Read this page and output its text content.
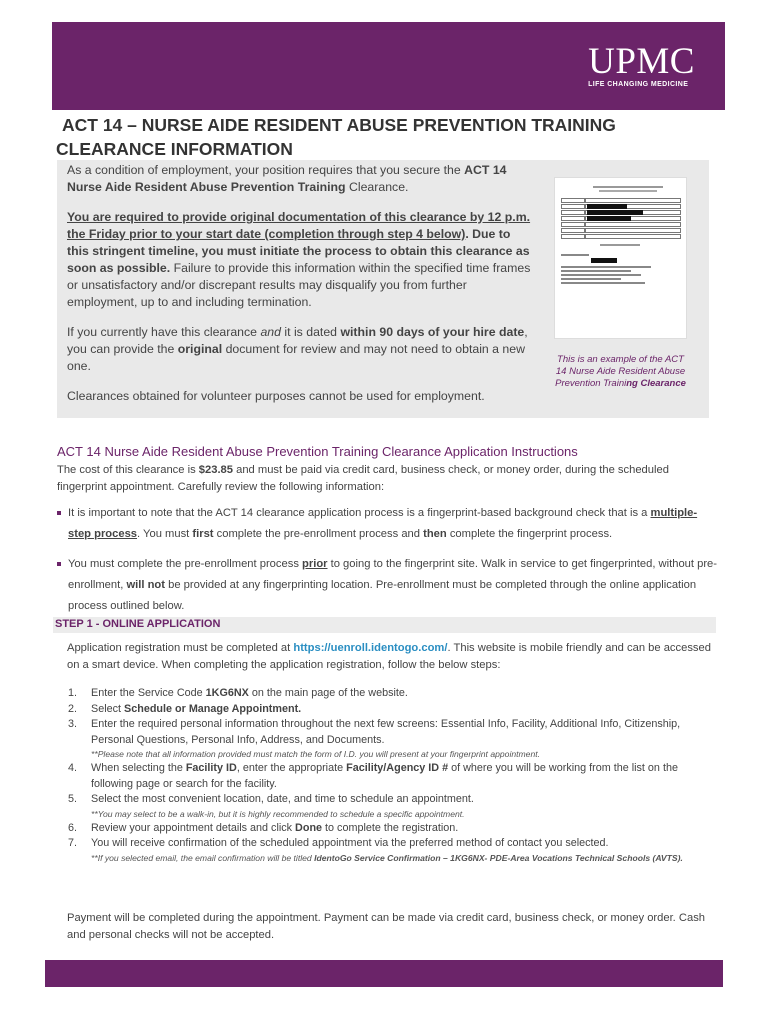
UPMC
LIFE CHANGING MEDICINE
ACT 14 – NURSE AIDE RESIDENT ABUSE PREVENTION TRAINING
CLEARANCE INFORMATION

As a condition of employment, your position requires that you secure the ACT 14 Nurse Aide Resident Abuse Prevention Training Clearance.

You are required to provide original documentation of this clearance by 12 p.m. the Friday prior to your start date (completion through step 4 below). Due to this stringent timeline, you must initiate the process to obtain this clearance as soon as possible. Failure to provide this information within the specified time frames or unsatisfactory and/or discrepant results may disqualify you from further employment, up to and including termination.

If you currently have this clearance and it is dated within 90 days of your hire date, you can provide the original document for review and may not need to obtain a new one.

Clearances obtained for volunteer purposes cannot be used for employment.

This is an example of the ACT 14 Nurse Aide Resident Abuse Prevention Training Clearance
ACT 14 Nurse Aide Resident Abuse Prevention Training Clearance Application Instructions
The cost of this clearance is $23.85 and must be paid via credit card, business check, or money order, during the scheduled fingerprint appointment. Carefully review the following information:
It is important to note that the ACT 14 clearance application process is a fingerprint-based background check that is a multiple-step process. You must first complete the pre-enrollment process and then complete the fingerprint process.
You must complete the pre-enrollment process prior to going to the fingerprint site. Walk in service to get fingerprinted, without pre-enrollment, will not be provided at any fingerprinting location. Pre-enrollment must be completed through the online application process outlined below.
STEP 1 - ONLINE APPLICATION
Application registration must be completed at https://uenroll.identogo.com/. This website is mobile friendly and can be accessed on a smart device. When completing the application registration, follow the below steps:
1. Enter the Service Code 1KG6NX on the main page of the website.
2. Select Schedule or Manage Appointment.
3. Enter the required personal information throughout the next few screens: Essential Info, Facility, Additional Info, Citizenship, Personal Questions, Personal Info, Address, and Documents.
**Please note that all information provided must match the form of I.D. you will present at your fingerprint appointment.
4. When selecting the Facility ID, enter the appropriate Facility/Agency ID # of where you will be working from the list on the following page or search for the facility.
5. Select the most convenient location, date, and time to schedule an appointment.
**You may select to be a walk-in, but it is highly recommended to schedule a specific appointment.
6. Review your appointment details and click Done to complete the registration.
7. You will receive confirmation of the scheduled appointment via the preferred method of contact you selected.
**If you selected email, the email confirmation will be titled IdentoGo Service Confirmation – 1KG6NX- PDE-Area Vocations Technical Schools (AVTS).
Payment will be completed during the appointment. Payment can be made via credit card, business check, or money order. Cash and personal checks will not be accepted.
